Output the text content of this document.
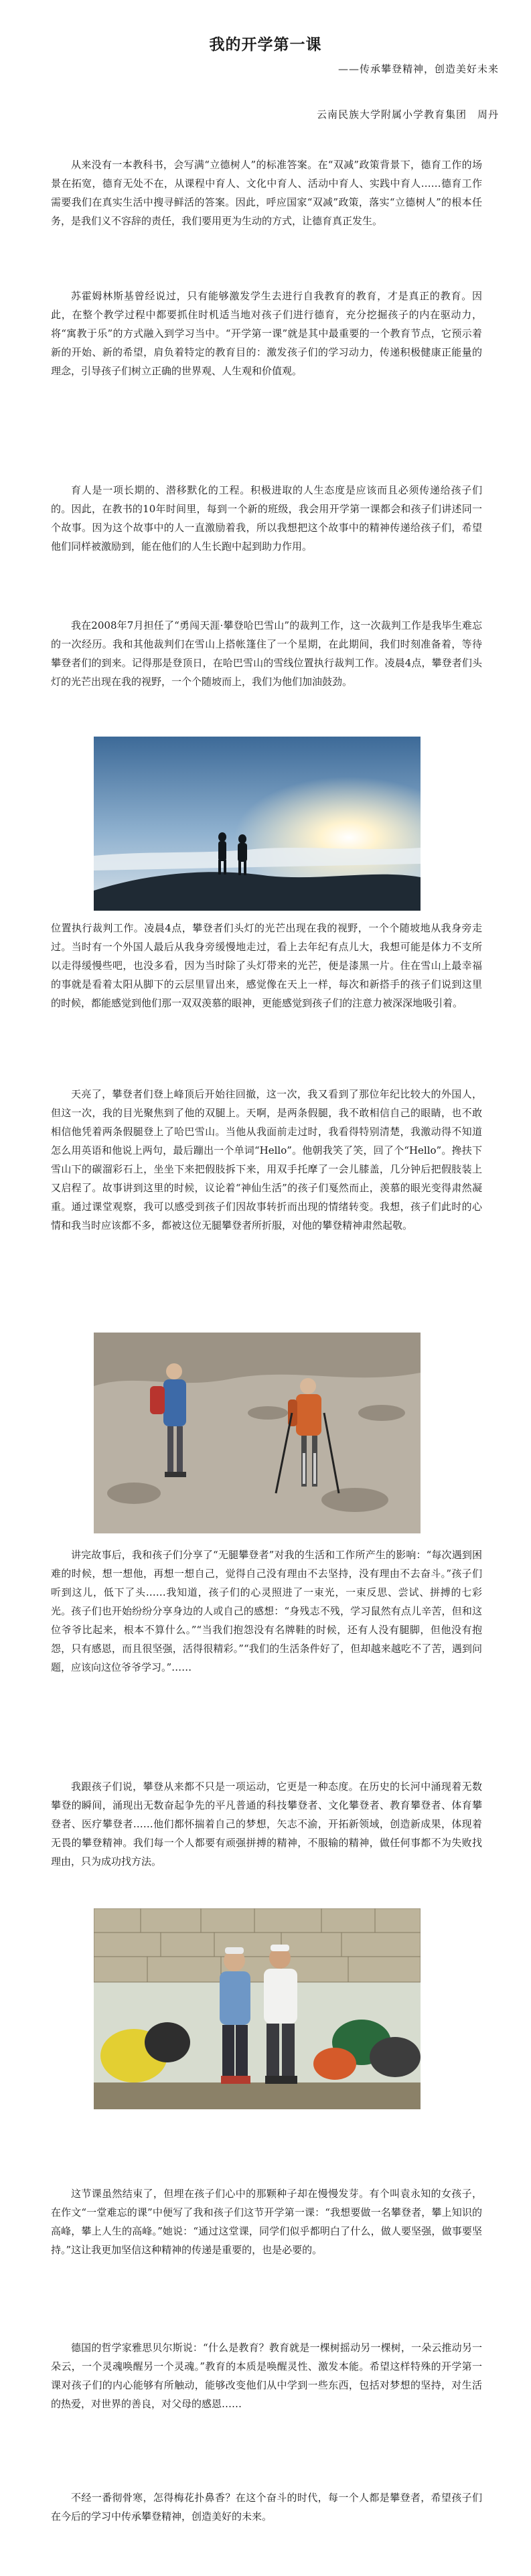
我的开学第一课
——传承攀登精神，创造美好未来
云南民族大学附属小学教育集团　周丹

从来没有一本教科书，会写满“立德树人”的标准答案。在“双减”政策背景下，德育工作的场景在拓宽，德育无处不在，从课程中育人、文化中育人、活动中育人、实践中育人……德育工作需要我们在真实生活中搜寻鲜活的答案。因此，呼应国家“双减”政策，落实“立德树人”的根本任务，是我们义不容辞的责任，我们要用更为生动的方式，让德育真正发生。

苏霍姆林斯基曾经说过，只有能够激发学生去进行自我教育的教育，才是真正的教育。因此，在整个教学过程中都要抓住时机适当地对孩子们进行德育，充分挖掘孩子的内在驱动力，将“寓教于乐”的方式融入到学习当中。“开学第一课”就是其中最重要的一个教育节点，它预示着新的开始、新的希望，肩负着特定的教育目的：激发孩子们的学习动力，传递积极健康正能量的理念，引导孩子们树立正确的世界观、人生观和价值观。

育人是一项长期的、潜移默化的工程。积极进取的人生态度是应该而且必须传递给孩子们的。因此，在教书的10年时间里，每到一个新的班级，我会用开学第一课都会和孩子们讲述同一个故事。因为这个故事中的人一直激励着我，所以我想把这个故事中的精神传递给孩子们，希望他们同样被激励到，能在他们的人生长跑中起到助力作用。

我在2008年7月担任了“勇闯天涯·攀登哈巴雪山”的裁判工作，这一次裁判工作是我毕生难忘的一次经历。我和其他裁判们在雪山上搭帐篷住了一个星期，在此期间，我们时刻准备着，等待攀登者们的到来。记得那是登顶日，在哈巴雪山的雪线位置执行裁判工作。凌晨4点，攀登者们头灯的光芒出现在我的视野，一个个随坡而上，我们为他们加油鼓劲。

位置执行裁判工作。凌晨4点，攀登者们头灯的光芒出现在我的视野，一个个随坡地从我身旁走过。当时有一个外国人最后从我身旁缓慢地走过，看上去年纪有点儿大，我想可能是体力不支所以走得缓慢些吧，也没多看，因为当时除了头灯带来的光芒，便是漆黑一片。住在雪山上最幸福的事就是看着太阳从脚下的云层里冒出来，感觉像在天上一样，每次和新搭手的孩子们说到这里的时候，都能感觉到他们那一双双羡慕的眼神，更能感觉到孩子们的注意力被深深地吸引着。

天亮了，攀登者们登上峰顶后开始往回撤，这一次，我又看到了那位年纪比较大的外国人，但这一次，我的目光聚焦到了他的双腿上。天啊，是两条假腿，我不敢相信自己的眼睛，也不敢相信他凭着两条假腿登上了哈巴雪山。当他从我面前走过时，我看得特别清楚，我激动得不知道怎么用英语和他说上两句，最后蹦出一个单词“Hello”。他朝我笑了笑，回了个“Hello”。搀扶下雪山下的碳溜彩石上，坐坐下来把假肢拆下来，用双手托摩了一会儿膝盖，几分钟后把假肢装上又启程了。故事讲到这里的时候，议论着“神仙生活”的孩子们戛然而止，羡慕的眼光变得肃然凝重。通过课堂观察，我可以感受到孩子们因故事转折而出现的情绪转变。我想，孩子们此时的心情和我当时应该都不多，都被这位无腿攀登者所折服，对他的攀登精神肃然起敬。

讲完故事后，我和孩子们分享了“无腿攀登者”对我的生活和工作所产生的影响：“每次遇到困难的时候，想一想他，再想一想自己，觉得自己没有理由不去坚持，没有理由不去奋斗。”孩子们听到这儿，低下了头……我知道，孩子们的心灵照进了一束光，一束反思、尝试、拼搏的七彩光。孩子们也开始纷纷分享身边的人或自己的感想：“身残志不残，学习鼠然有点儿辛苦，但和这位爷爷比起来，根本不算什么。”“当我们抱怨没有名牌鞋的时候，还有人没有腿脚，但他没有抱怨，只有感恩，而且很坚强，活得很精彩。”“我们的生活条件好了，但却越来越吃不了苦，遇到问题，应该向这位爷爷学习。”……

我跟孩子们说，攀登从来都不只是一项运动，它更是一种态度。在历史的长河中涌现着无数攀登的瞬间，涌现出无数奋起争先的平凡普通的科技攀登者、文化攀登者、教育攀登者、体育攀登者、医疗攀登者……他们都怀揣着自己的梦想，矢志不渝，开拓新领域，创造新成果，体现着无畏的攀登精神。我们每一个人都要有顽强拼搏的精神，不服输的精神，做任何事都不为失败找理由，只为成功找方法。

这节课虽然结束了，但埋在孩子们心中的那颗种子却在慢慢发芽。有个叫袁永知的女孩子，在作文“一堂难忘的课”中便写了我和孩子们这节开学第一课：“我想要做一名攀登者，攀上知识的高峰，攀上人生的高峰。”她说：“通过这堂课，同学们似乎都明白了什么，做人要坚强，做事要坚持。”这让我更加坚信这种精神的传递是重要的，也是必要的。

德国的哲学家雅思贝尔斯说：“什么是教育？教育就是一棵树摇动另一棵树，一朵云推动另一朵云，一个灵魂唤醒另一个灵魂。”教育的本质是唤醒灵性、激发本能。希望这样特殊的开学第一课对孩子们的内心能够有所触动，能够改变他们从中学到一些东西，包括对梦想的坚持，对生活的热爱，对世界的善良，对父母的感恩……

不经一番彻骨寒，怎得梅花扑鼻香？在这个奋斗的时代，每一个人都是攀登者，希望孩子们在今后的学习中传承攀登精神，创造美好的未来。
